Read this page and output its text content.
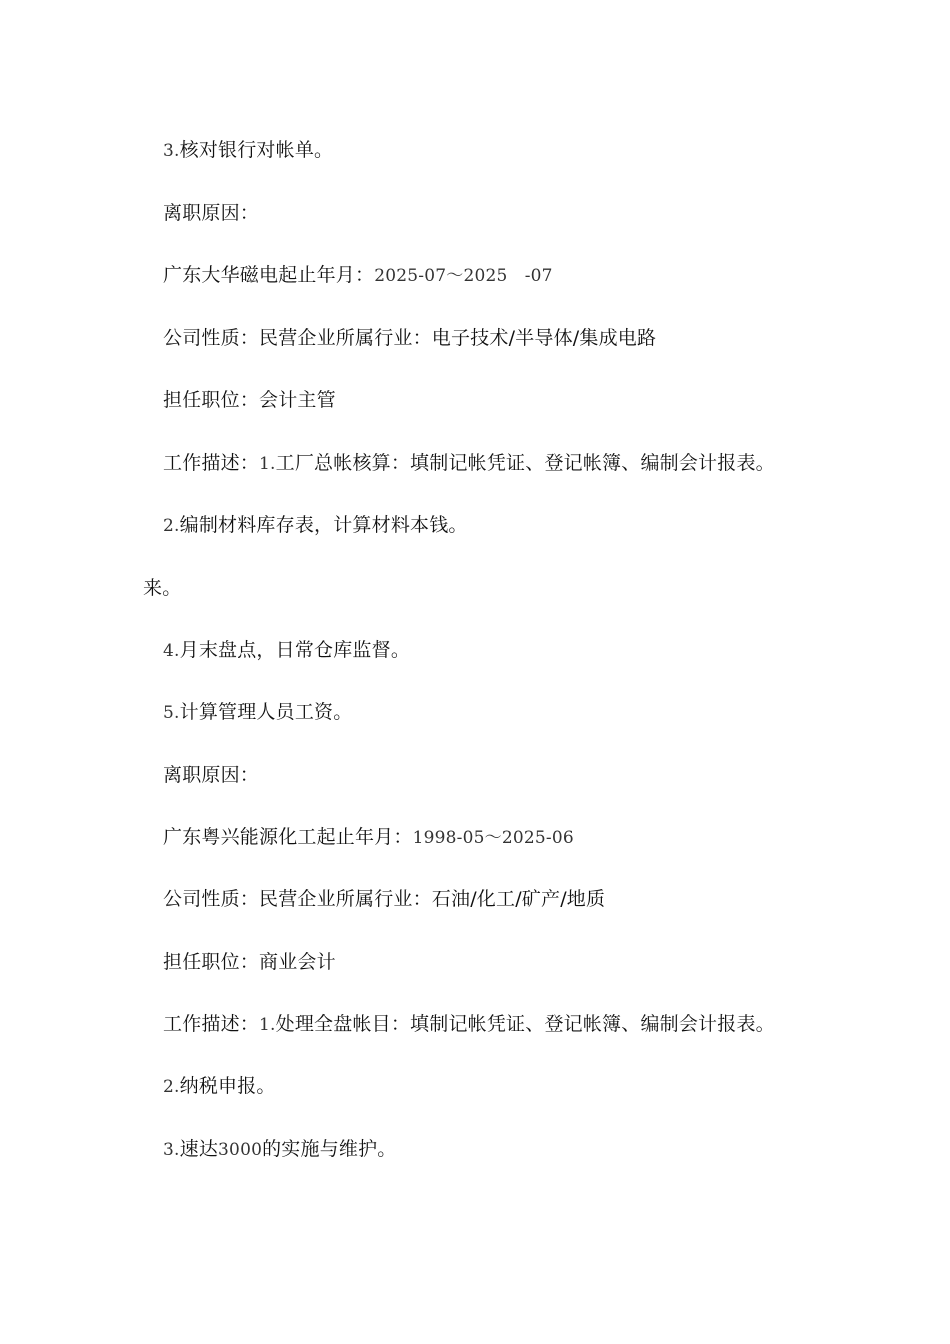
3.核对银行对帐单。
离职原因：
广东大华磁电起止年月：2025-07～2025　-07
公司性质：民营企业所属行业：电子技术/半导体/集成电路
担任职位：会计主管
工作描述：1.工厂总帐核算：填制记帐凭证、登记帐簿、编制会计报表。
2.编制材料库存表，计算材料本钱。
来。
4.月末盘点，日常仓库监督。
5.计算管理人员工资。
离职原因：
广东粤兴能源化工起止年月：1998-05～2025-06
公司性质：民营企业所属行业：石油/化工/矿产/地质
担任职位：商业会计
工作描述：1.处理全盘帐目：填制记帐凭证、登记帐簿、编制会计报表。
2.纳税申报。
3.速达3000的实施与维护。
